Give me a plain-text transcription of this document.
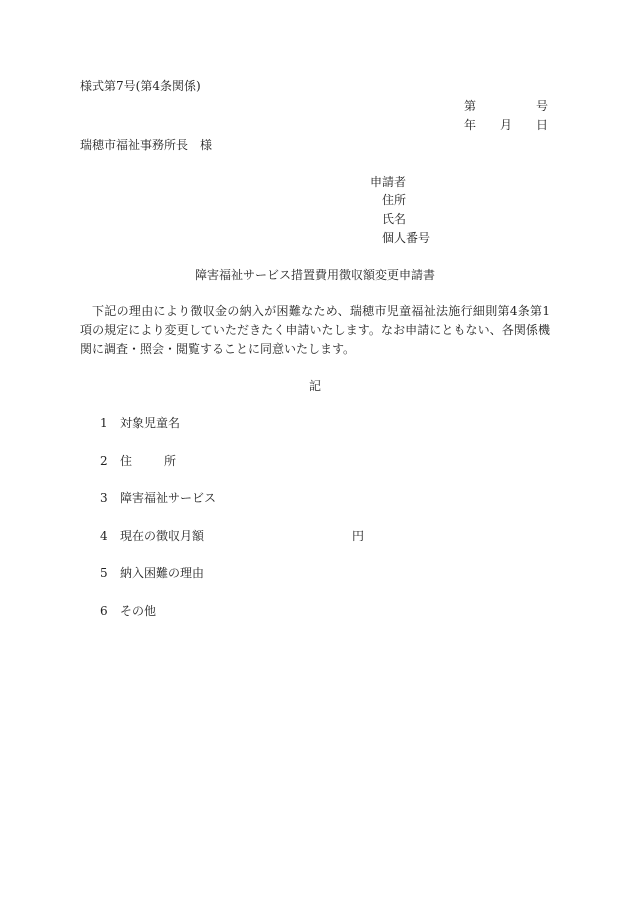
様式第7号(第4条関係)
第	号
年 月 日
瑞穂市福祉事務所長　様
申請者
住所
氏名
個人番号
障害福祉サービス措置費用徴収額変更申請書
下記の理由により徴収金の納入が困難なため、瑞穂市児童福祉法施行細則第4条第1項の規定により変更していただきたく申請いたします。なお申請にともない、各関係機関に調査・照会・閲覧することに同意いたします。
記
1 対象児童名
2 住	所
3 障害福祉サービス
4 現在の徴収月額	円
5 納入困難の理由
6 その他
